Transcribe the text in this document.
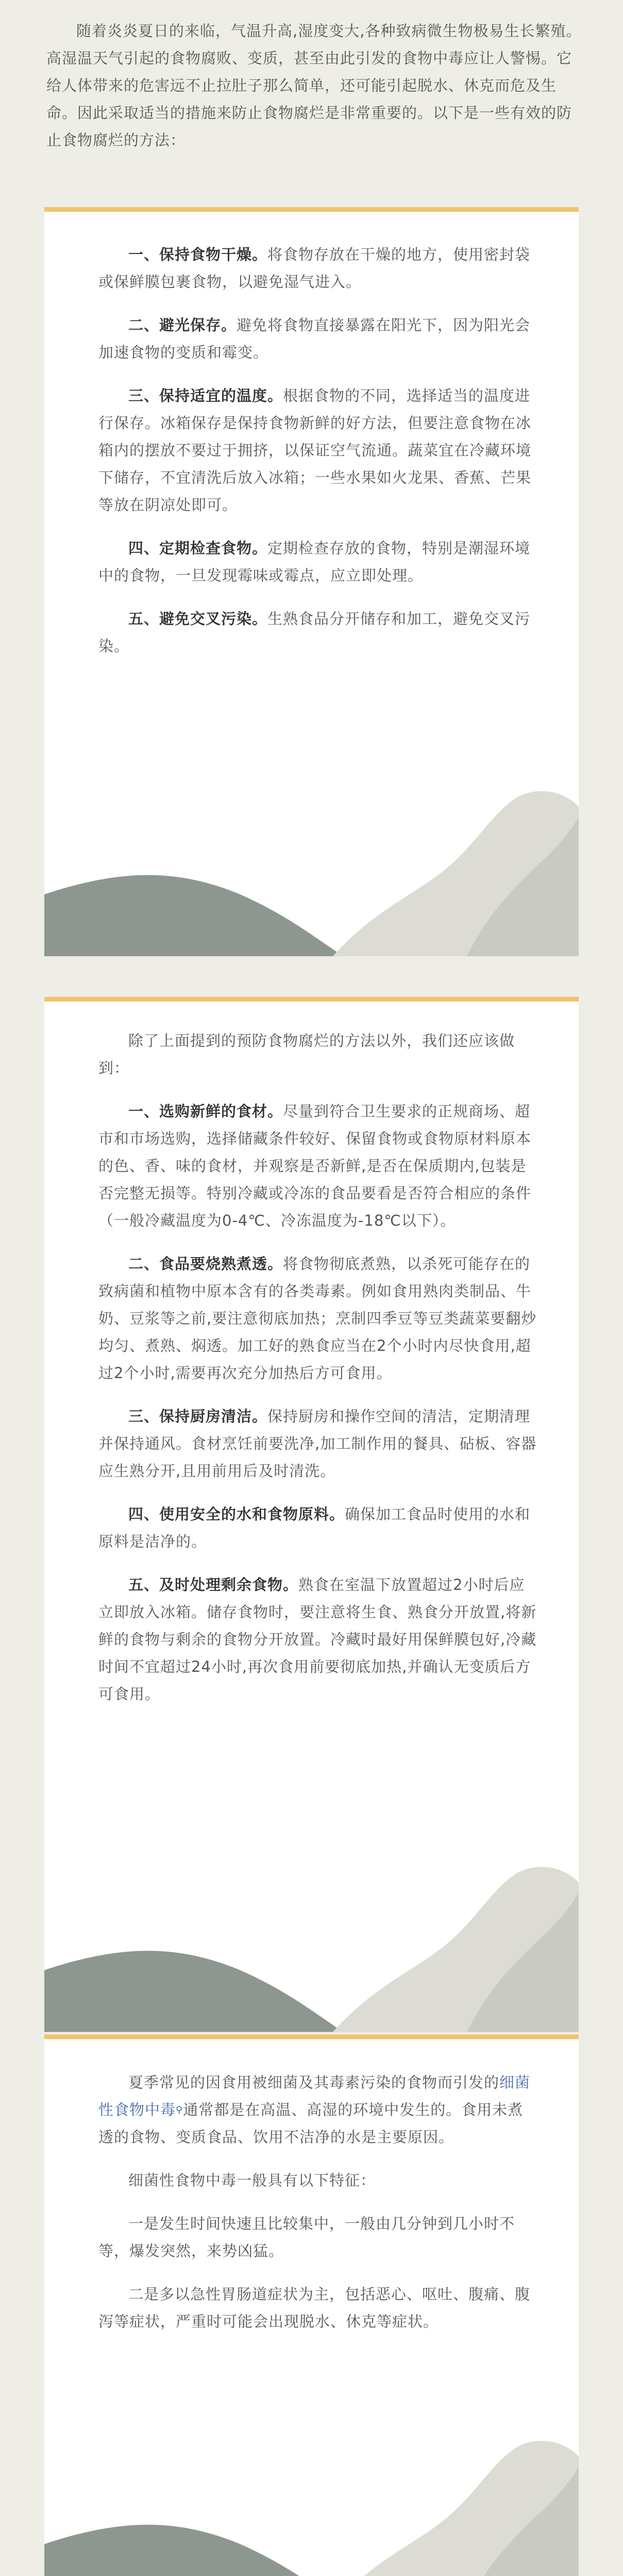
随着炎炎夏日的来临，气温升高,湿度变大,各种致病微生物极易生长繁殖。高湿温天气引起的食物腐败、变质，甚至由此引发的食物中毒应让人警惕。它给人体带来的危害远不止拉肚子那么简单，还可能引起脱水、休克而危及生命。因此采取适当的措施来防止食物腐烂是非常重要的。以下是一些有效的防止食物腐烂的方法：

一、保持食物干燥。将食物存放在干燥的地方，使用密封袋或保鲜膜包裹食物，以避免湿气进入。

二、避光保存。避免将食物直接暴露在阳光下，因为阳光会加速食物的变质和霉变。

三、保持适宜的温度。根据食物的不同，选择适当的温度进行保存。冰箱保存是保持食物新鲜的好方法，但要注意食物在冰箱内的摆放不要过于拥挤，以保证空气流通。蔬菜宜在冷藏环境下储存，不宜清洗后放入冰箱；一些水果如火龙果、香蕉、芒果等放在阴凉处即可。

四、定期检查食物。定期检查存放的食物，特别是潮湿环境中的食物，一旦发现霉味或霉点，应立即处理。

五、避免交叉污染。生熟食品分开储存和加工，避免交叉污染。

除了上面提到的预防食物腐烂的方法以外，我们还应该做到：

一、选购新鲜的食材。尽量到符合卫生要求的正规商场、超市和市场选购，选择储藏条件较好、保留食物或食物原材料原本的色、香、味的食材，并观察是否新鲜,是否在保质期内,包装是否完整无损等。特别冷藏或冷冻的食品要看是否符合相应的条件（一般冷藏温度为0-4℃、冷冻温度为-18℃以下）。

二、食品要烧熟煮透。将食物彻底煮熟，以杀死可能存在的致病菌和植物中原本含有的各类毒素。例如食用熟肉类制品、牛奶、豆浆等之前,要注意彻底加热；烹制四季豆等豆类蔬菜要翻炒均匀、煮熟、焖透。加工好的熟食应当在2个小时内尽快食用,超过2个小时,需要再次充分加热后方可食用。

三、保持厨房清洁。保持厨房和操作空间的清洁，定期清理并保持通风。食材烹饪前要洗净,加工制作用的餐具、砧板、容器应生熟分开,且用前用后及时清洗。

四、使用安全的水和食物原料。确保加工食品时使用的水和原料是洁净的。

五、及时处理剩余食物。熟食在室温下放置超过2小时后应立即放入冰箱。储存食物时，要注意将生食、熟食分开放置,将新鲜的食物与剩余的食物分开放置。冷藏时最好用保鲜膜包好,冷藏时间不宜超过24小时,再次食用前要彻底加热,并确认无变质后方可食用。

夏季常见的因食用被细菌及其毒素污染的食物而引发的细菌性食物中毒⚲通常都是在高温、高湿的环境中发生的。食用未煮透的食物、变质食品、饮用不洁净的水是主要原因。

细菌性食物中毒一般具有以下特征：

一是发生时间快速且比较集中，一般由几分钟到几小时不等，爆发突然，来势凶猛。

二是多以急性胃肠道症状为主，包括恶心、呕吐、腹痛、腹泻等症状，严重时可能会出现脱水、休克等症状。
